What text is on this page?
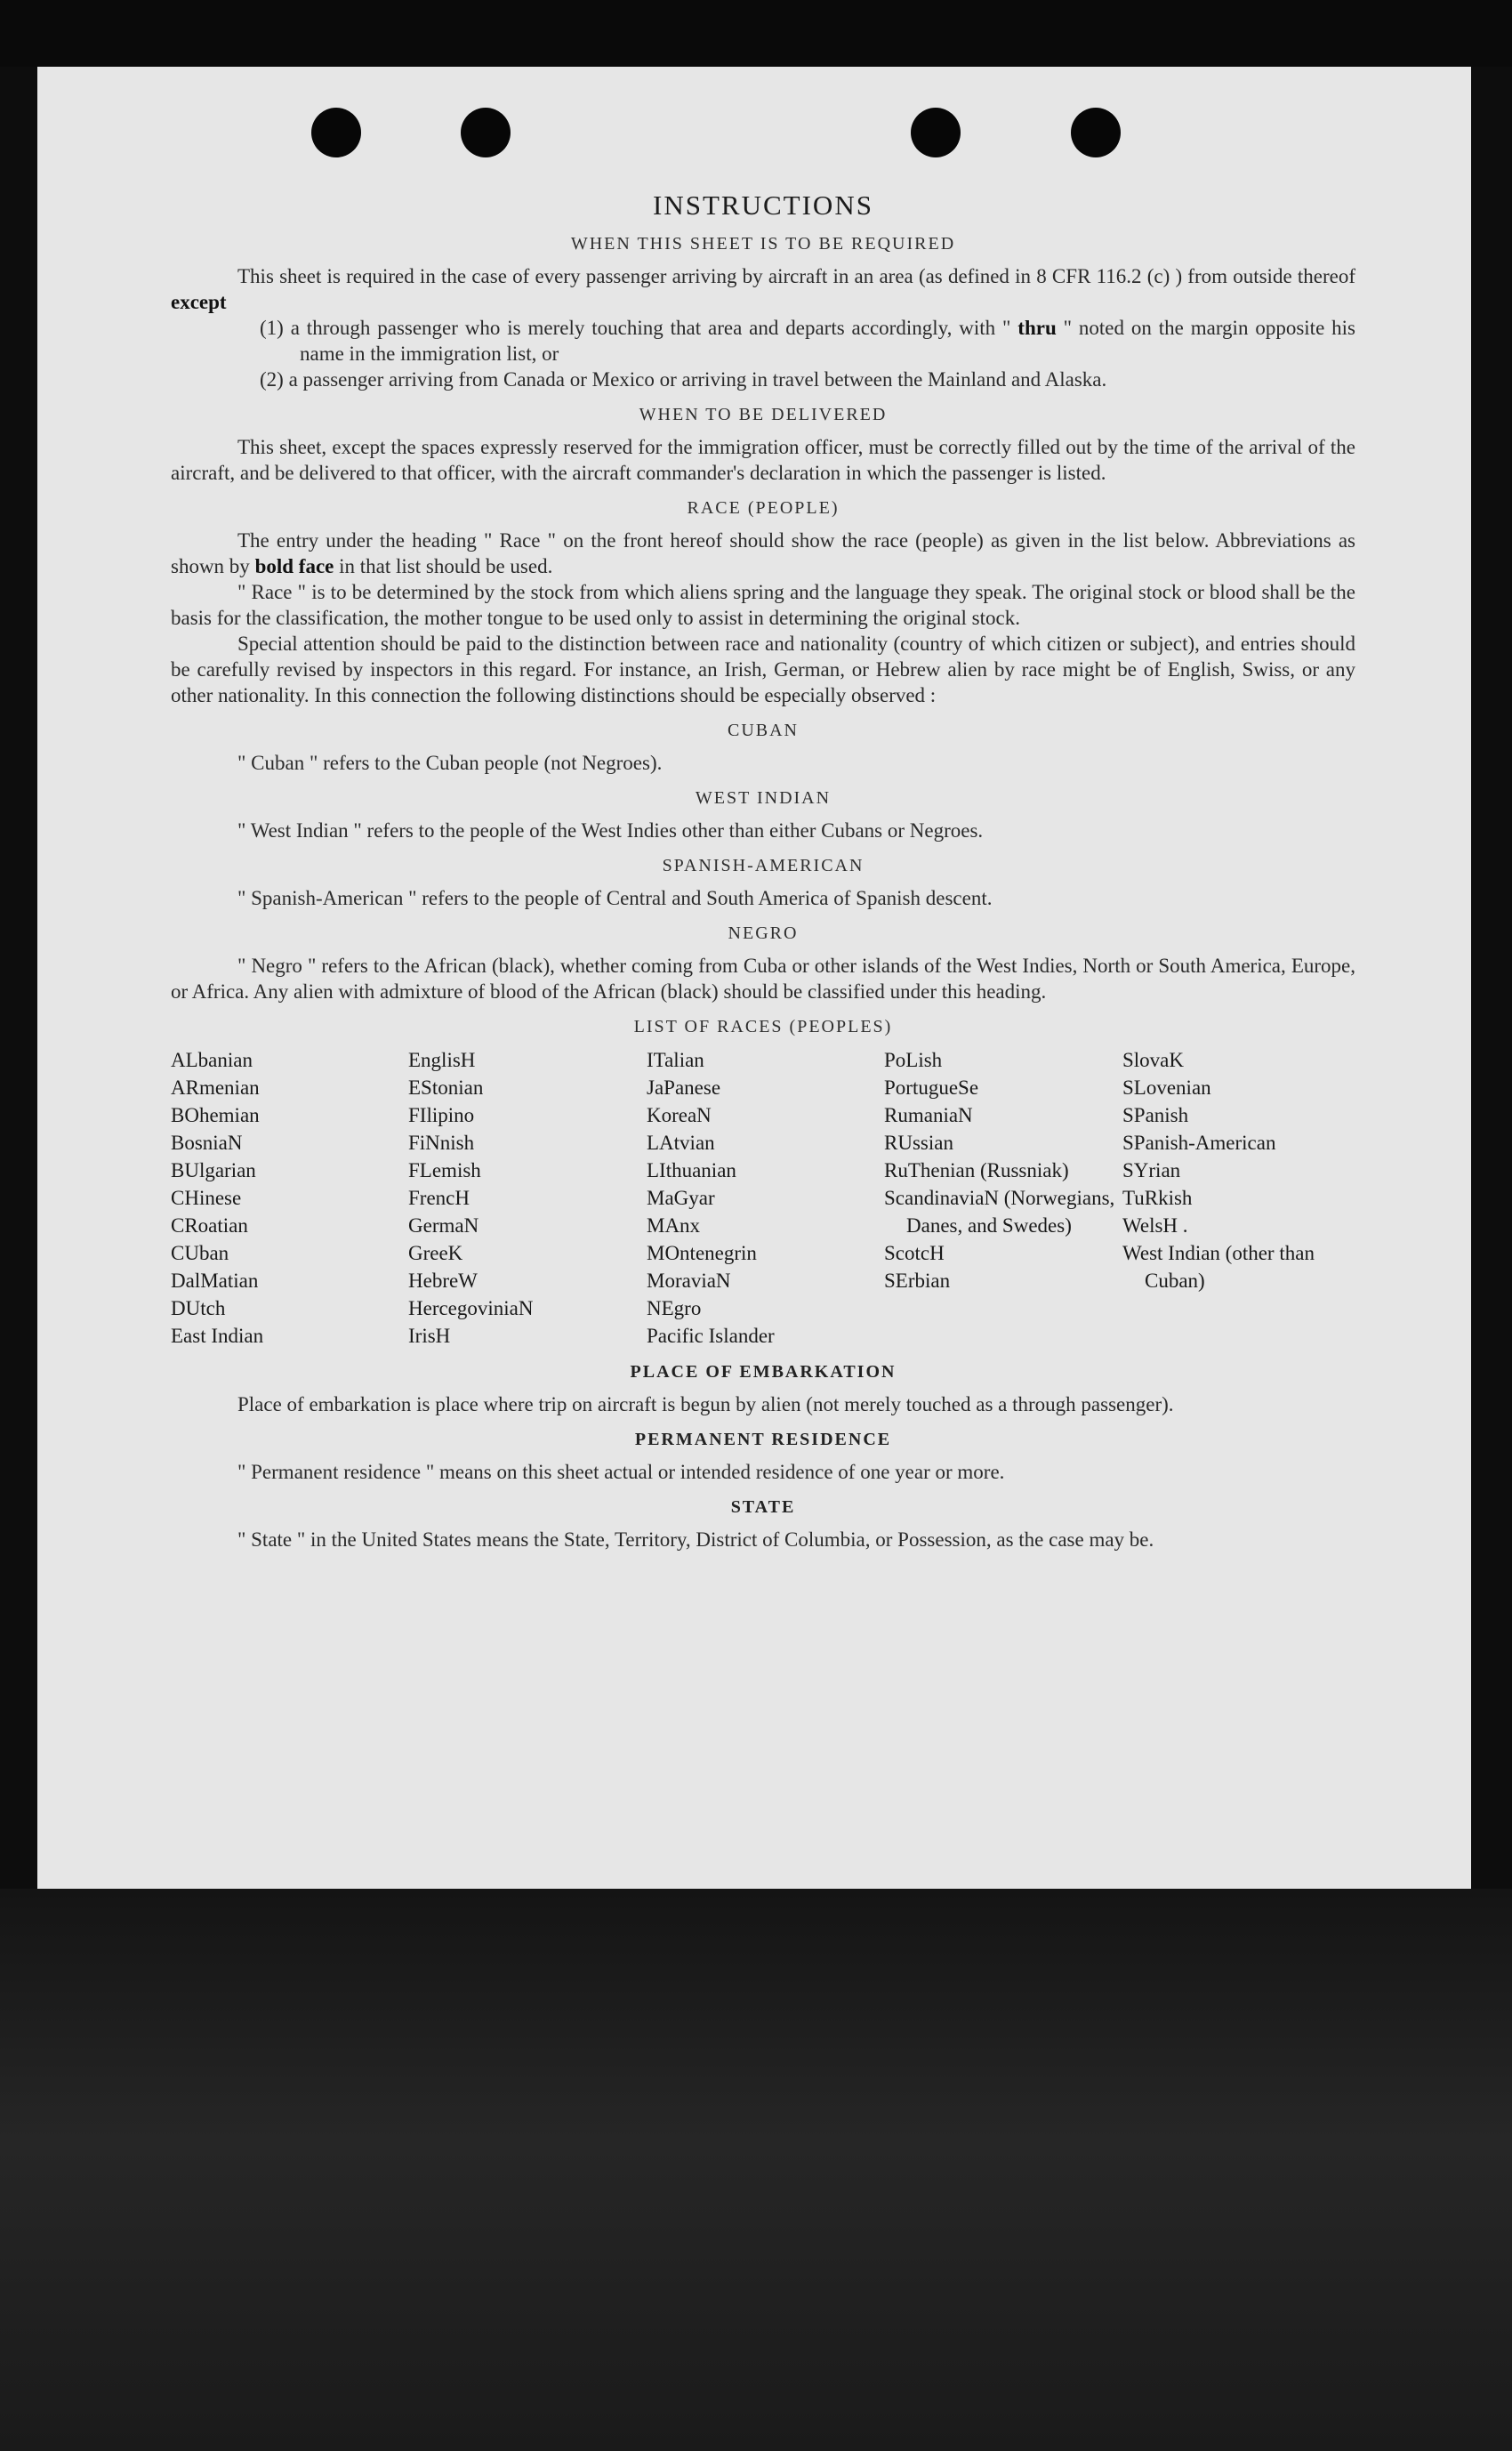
INSTRUCTIONS
WHEN THIS SHEET IS TO BE REQUIRED

This sheet is required in the case of every passenger arriving by aircraft in an area (as defined in 8 CFR 116.2 (c) ) from outside thereof except

(1) a through passenger who is merely touching that area and departs accordingly, with " thru " noted on the margin opposite his name in the immigration list, or

(2) a passenger arriving from Canada or Mexico or arriving in travel between the Mainland and Alaska.

WHEN TO BE DELIVERED

This sheet, except the spaces expressly reserved for the immigration officer, must be correctly filled out by the time of the arrival of the aircraft, and be delivered to that officer, with the aircraft commander's declaration in which the passenger is listed.

RACE (PEOPLE)

The entry under the heading " Race " on the front hereof should show the race (people) as given in the list below. Abbreviations as shown by bold face in that list should be used.

" Race " is to be determined by the stock from which aliens spring and the language they speak. The original stock or blood shall be the basis for the classification, the mother tongue to be used only to assist in determining the original stock.

Special attention should be paid to the distinction between race and nationality (country of which citizen or subject), and entries should be carefully revised by inspectors in this regard. For instance, an Irish, German, or Hebrew alien by race might be of English, Swiss, or any other nationality. In this connection the following distinctions should be especially observed :

CUBAN

" Cuban " refers to the Cuban people (not Negroes).

WEST INDIAN

" West Indian " refers to the people of the West Indies other than either Cubans or Negroes.

SPANISH-AMERICAN

" Spanish-American " refers to the people of Central and South America of Spanish descent.

NEGRO

" Negro " refers to the African (black), whether coming from Cuba or other islands of the West Indies, North or South America, Europe, or Africa. Any alien with admixture of blood of the African (black) should be classified under this heading.

LIST OF RACES (PEOPLES)
ALbanian
ARmenian
BOhemian
BosniaN
BUlgarian
CHinese
CRoatian
CUban
DalMatian
DUtch
East Indian
EnglisH
EStonian
FIlipino
FiNnish
FLemish
FrencH
GermaN
GreeK
HebreW
HercegoviniaN
IrisH
ITalian
JaPanese
KoreaN
LAtvian
LIthuanian
MaGyar
MAnx
MOntenegrin
MoraviaN
NEgro
Pacific Islander
PoLish
PortugueSe
RumaniaN
RUssian
RuThenian (Russniak)
ScandinaviaN (Norwegians, Danes, and Swedes)
ScotcH
SErbian
SlovaK
SLovenian
SPanish
SPanish-American
SYrian
TuRkish
WelsH .
West Indian (other than Cuban)
PLACE OF EMBARKATION

Place of embarkation is place where trip on aircraft is begun by alien (not merely touched as a through passenger).

PERMANENT RESIDENCE

" Permanent residence " means on this sheet actual or intended residence of one year or more.

STATE

" State " in the United States means the State, Territory, District of Columbia, or Possession, as the case may be.
